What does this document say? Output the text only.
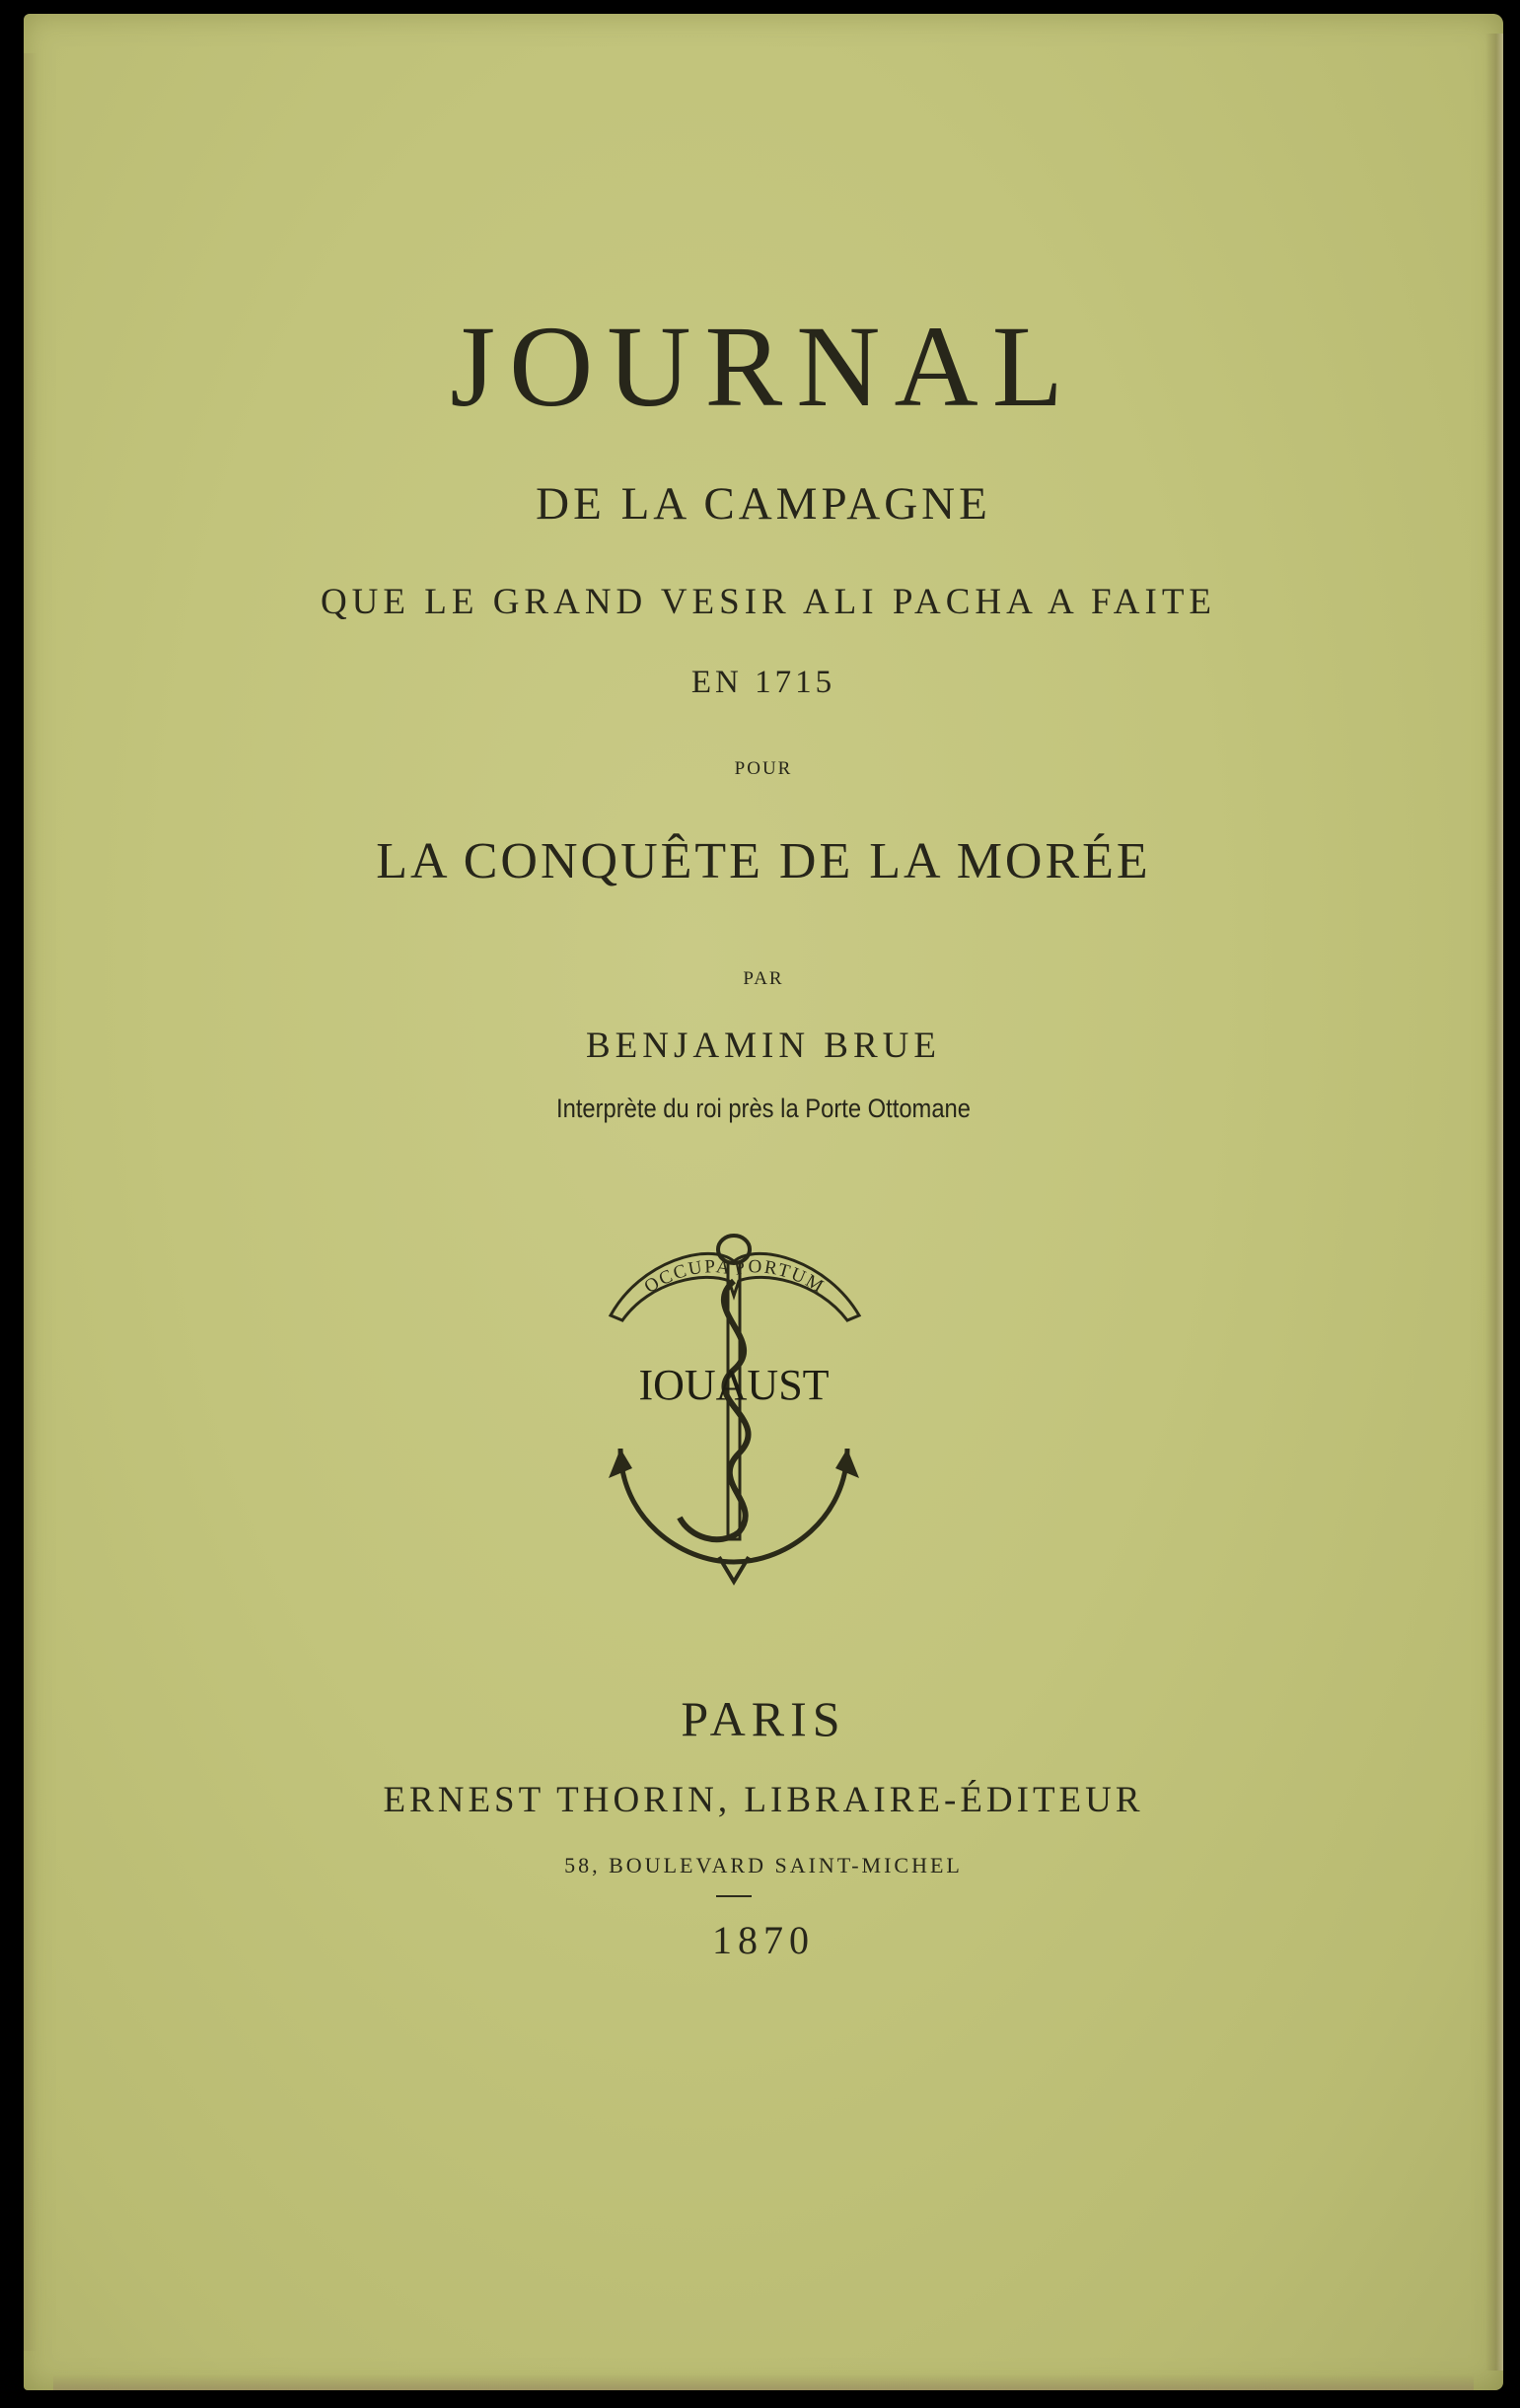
JOURNAL
DE LA CAMPAGNE
QUE LE GRAND VESIR ALI PACHA A FAITE
EN 1715
POUR
LA CONQUÊTE DE LA MORÉE
PAR
BENJAMIN BRUE
Interprète du roi près la Porte Ottomane
OCCUPA PORTUM
IOUAUST
PARIS
ERNEST THORIN, LIBRAIRE-ÉDITEUR
58, BOULEVARD SAINT-MICHEL
1870
